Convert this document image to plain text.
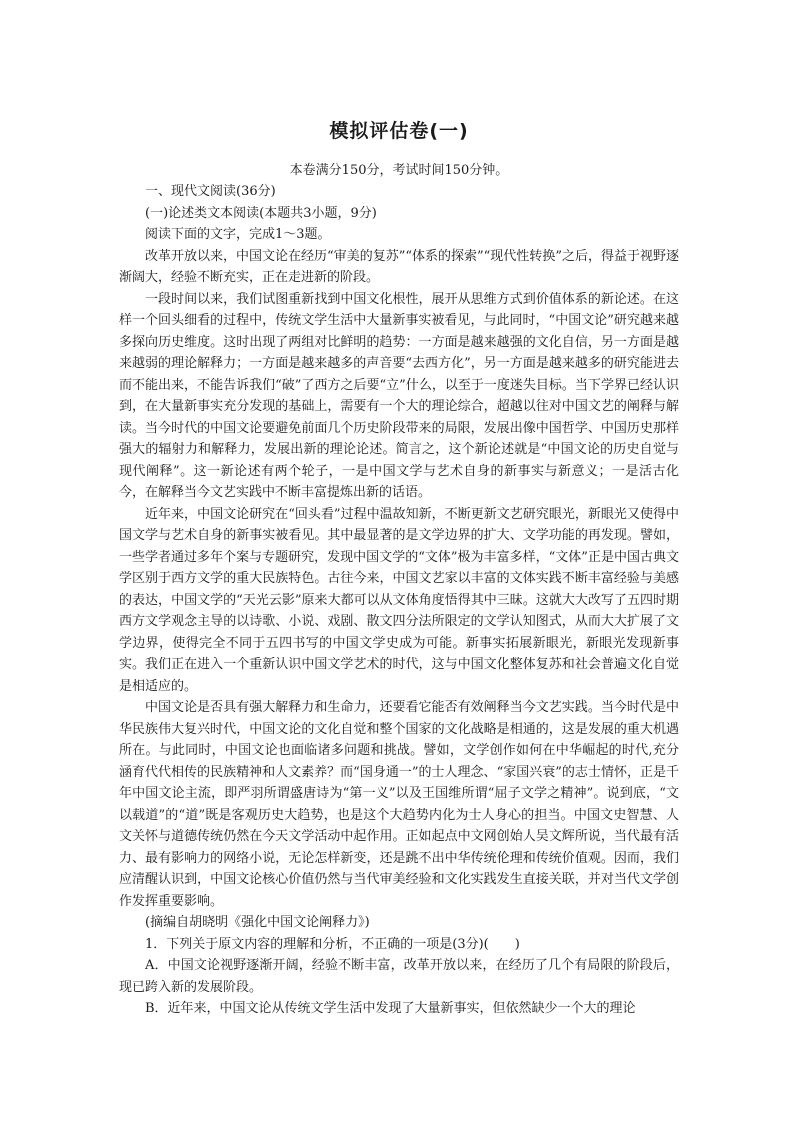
模拟评估卷(一)

本卷满分150分，考试时间150分钟。

一、现代文阅读(36分)

(一)论述类文本阅读(本题共3小题，9分)

阅读下面的文字，完成1～3题。

改革开放以来，中国文论在经历“审美的复苏”“体系的探索”“现代性转换”之后，得益于视野逐渐阔大，经验不断充实，正在走进新的阶段。

一段时间以来，我们试图重新找到中国文化根性，展开从思维方式到价值体系的新论述。在这样一个回头细看的过程中，传统文学生活中大量新事实被看见，与此同时，“中国文论”研究越来越多探向历史维度。这时出现了两组对比鲜明的趋势：一方面是越来越强的文化自信，另一方面是越来越弱的理论解释力；一方面是越来越多的声音要“去西方化”，另一方面是越来越多的研究能进去而不能出来，不能告诉我们“破”了西方之后要“立”什么，以至于一度迷失目标。当下学界已经认识到，在大量新事实充分发现的基础上，需要有一个大的理论综合，超越以往对中国文艺的阐释与解读。当今时代的中国文论要避免前面几个历史阶段带来的局限，发展出像中国哲学、中国历史那样强大的辐射力和解释力，发展出新的理论论述。简言之，这个新论述就是“中国文论的历史自觉与现代阐释”。这一新论述有两个轮子，一是中国文学与艺术自身的新事实与新意义；一是活古化今，在解释当今文艺实践中不断丰富提炼出新的话语。

近年来，中国文论研究在“回头看”过程中温故知新，不断更新文艺研究眼光，新眼光又使得中国文学与艺术自身的新事实被看见。其中最显著的是文学边界的扩大、文学功能的再发现。譬如，一些学者通过多年个案与专题研究，发现中国文学的“文体”极为丰富多样，“文体”正是中国古典文学区别于西方文学的重大民族特色。古往今来，中国文艺家以丰富的文体实践不断丰富经验与美感的表达，中国文学的“天光云影”原来大都可以从文体角度悟得其中三昧。这就大大改写了五四时期西方文学观念主导的以诗歌、小说、戏剧、散文四分法所限定的文学认知图式，从而大大扩展了文学边界，使得完全不同于五四书写的中国文学史成为可能。新事实拓展新眼光，新眼光发现新事实。我们正在进入一个重新认识中国文学艺术的时代，这与中国文化整体复苏和社会普遍文化自觉是相适应的。

中国文论是否具有强大解释力和生命力，还要看它能否有效阐释当今文艺实践。当今时代是中华民族伟大复兴时代，中国文论的文化自觉和整个国家的文化战略是相通的，这是发展的重大机遇所在。与此同时，中国文论也面临诸多问题和挑战。譬如，文学创作如何在中华崛起的时代,充分涵育代代相传的民族精神和人文素养？而“国身通一”的士人理念、“家国兴衰”的志士情怀，正是千年中国文论主流，即严羽所谓盛唐诗为“第一义”以及王国维所谓“屈子文学之精神”。说到底，“文以载道”的“道”既是客观历史大趋势，也是这个大趋势内化为士人身心的担当。中国文史智慧、人文关怀与道德传统仍然在今天文学活动中起作用。正如起点中文网创始人吴文辉所说，当代最有活力、最有影响力的网络小说，无论怎样新变，还是跳不出中华传统伦理和传统价值观。因而，我们应清醒认识到，中国文论核心价值仍然与当代审美经验和文化实践发生直接关联，并对当代文学创作发挥重要影响。

(摘编自胡晓明《强化中国文论阐释力》)

1．下列关于原文内容的理解和分析，不正确的一项是(3分)(　　)

A．中国文论视野逐渐开阔，经验不断丰富，改革开放以来，在经历了几个有局限的阶段后，现已跨入新的发展阶段。

B．近年来，中国文论从传统文学生活中发现了大量新事实，但依然缺少一个大的理论
